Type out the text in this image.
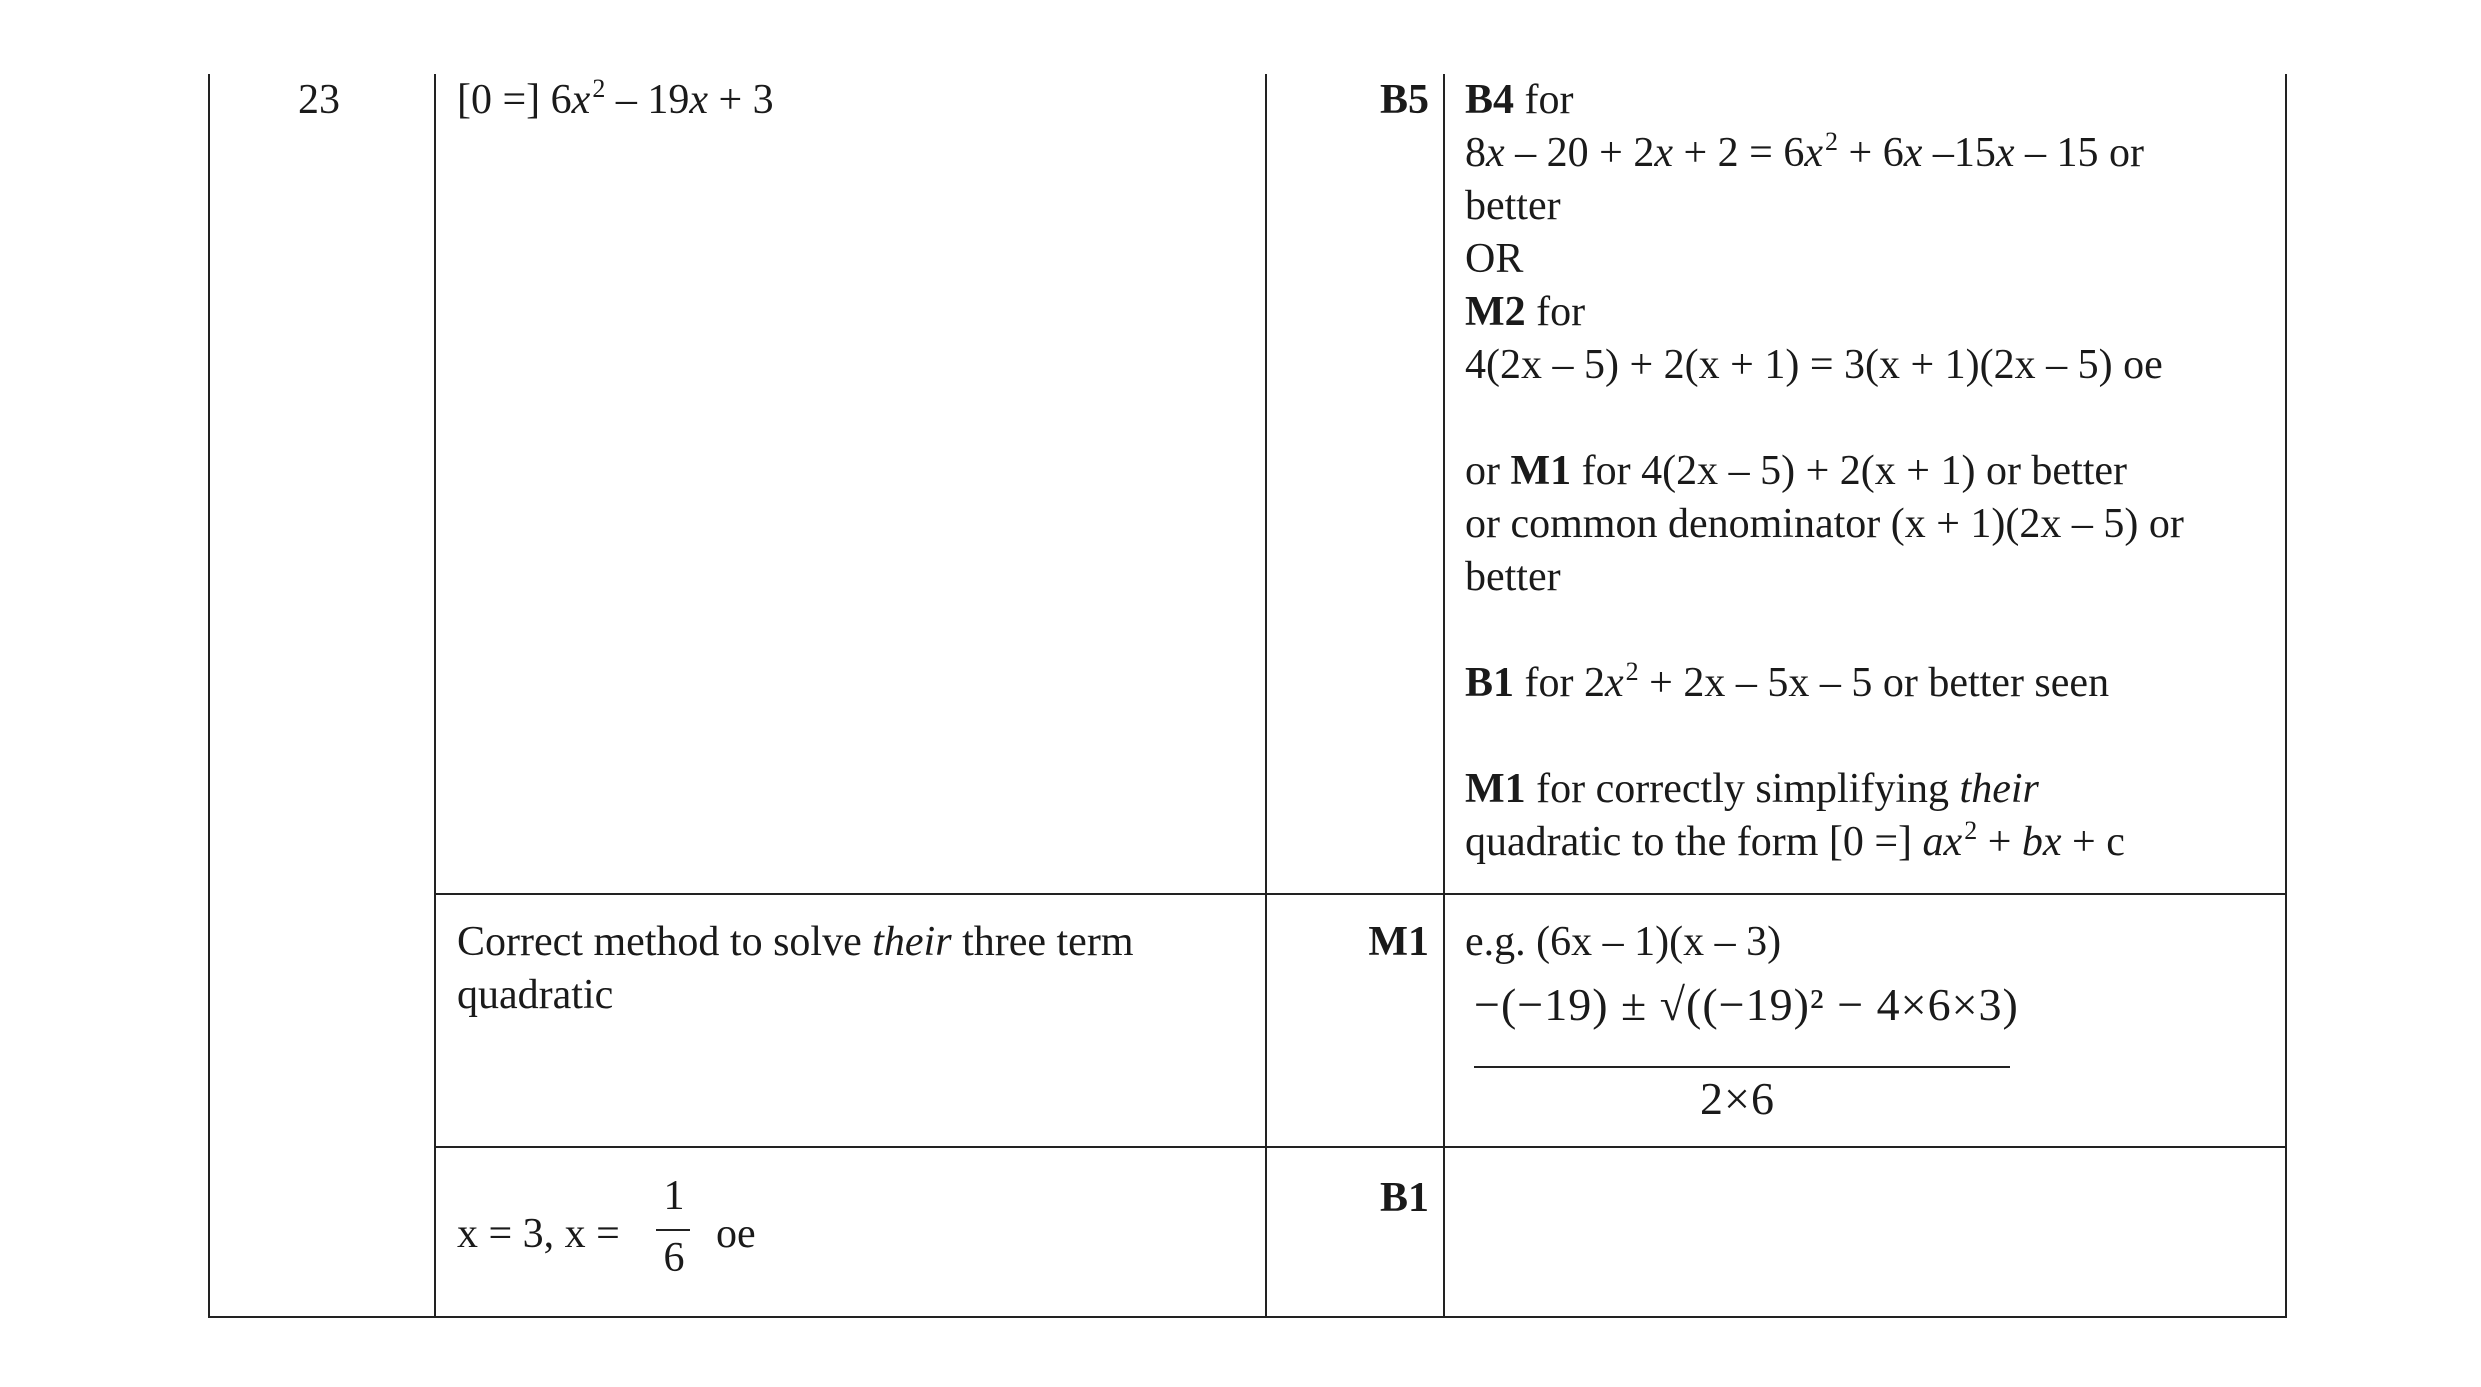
23	[0 =] $6x^2 - 19x + 3$	B5 B4 for
$8x - 20 + 2x + 2 = 6x^2 + 6x$ –15x – 15 or
better
OR
M2 for
4(2x – 5) + 2(x + 1) = 3(x + 1)(2x – 5) oe
or M1 for 4(2x – 5) + 2(x + 1) or better
or common denominator (x + 1)(2x – 5) or
better
B1 for $2x^2 + 2x - 5x - 5$ or better seen
M1 for correctly simplifying their
quadratic to the form [0 =] $ax^2$ + bx + c
Correct method to solve their three term
quadratic
M1 e.g. (6x – 1)(x – 3)
−(−19) ± √((−19)² − 4×6×3)
2×6
x = 3, x =
1
6
oe
B1
